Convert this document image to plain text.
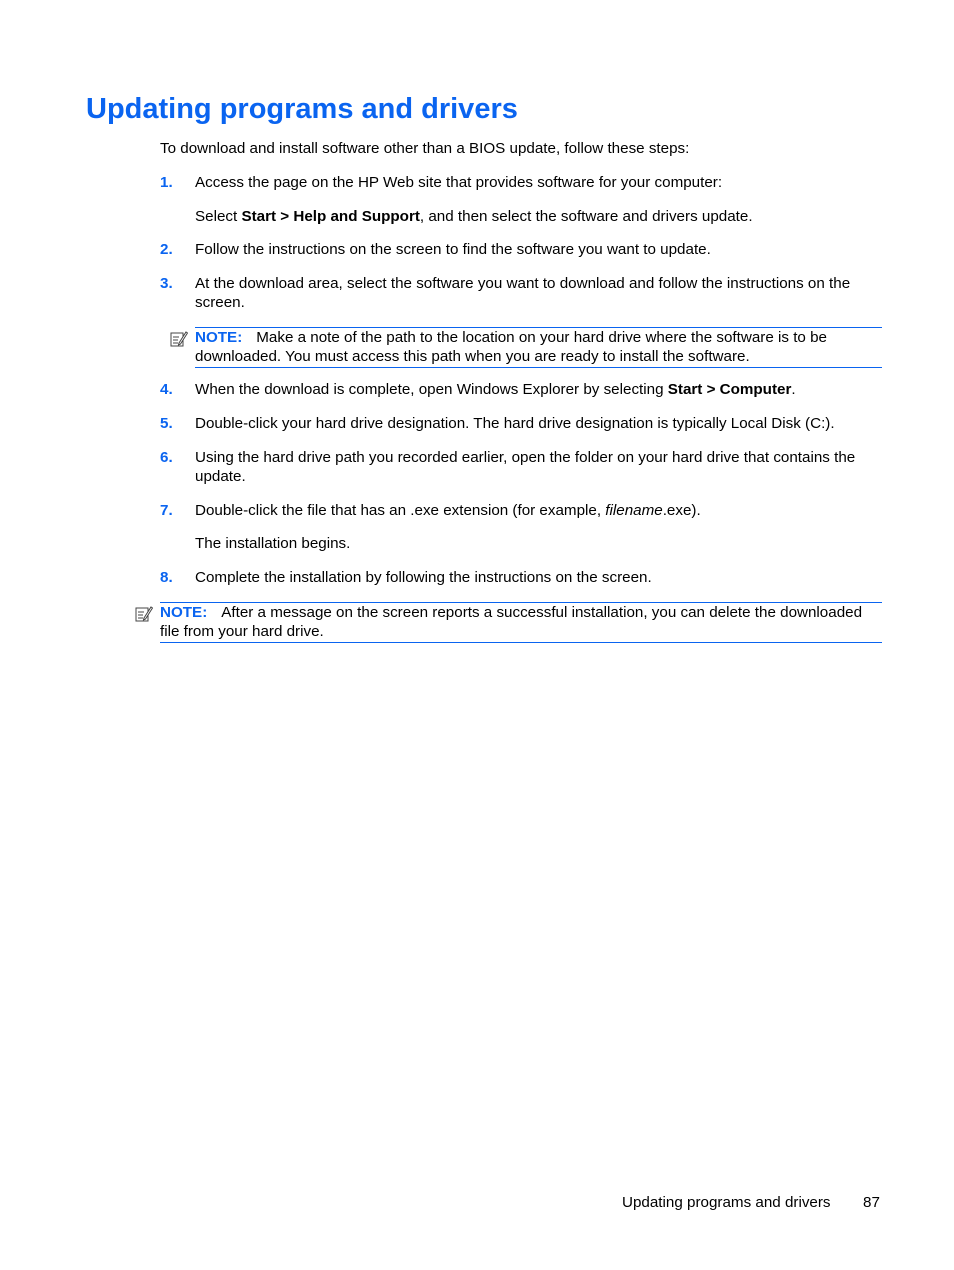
Updating programs and drivers
To download and install software other than a BIOS update, follow these steps:
1. Access the page on the HP Web site that provides software for your computer:
Select Start > Help and Support, and then select the software and drivers update.
2. Follow the instructions on the screen to find the software you want to update.
3. At the download area, select the software you want to download and follow the instructions on the screen.
NOTE: Make a note of the path to the location on your hard drive where the software is to be downloaded. You must access this path when you are ready to install the software.
4. When the download is complete, open Windows Explorer by selecting Start > Computer.
5. Double-click your hard drive designation. The hard drive designation is typically Local Disk (C:).
6. Using the hard drive path you recorded earlier, open the folder on your hard drive that contains the update.
7. Double-click the file that has an .exe extension (for example, filename.exe).
The installation begins.
8. Complete the installation by following the instructions on the screen.
NOTE: After a message on the screen reports a successful installation, you can delete the downloaded file from your hard drive.
Updating programs and drivers 87
